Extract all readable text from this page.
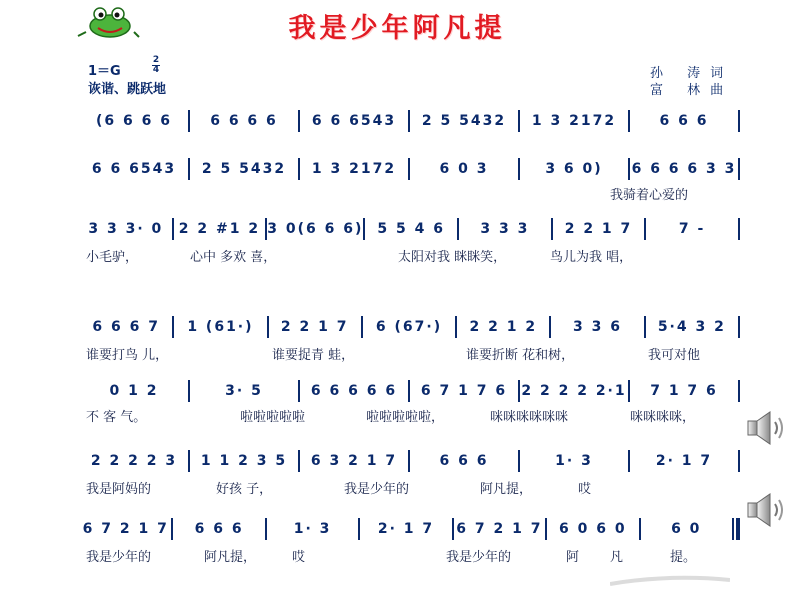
我是少年阿凡提
1＝G
2
4
诙谐、跳跃地
孙 涛词
富 林曲
(6 6 6 6	6 6 6 6	6 6 6543	2 5 5432	1 3 2172	6 6 6
6 6 6543	2 5 5432	1 3 2172	6 0 3	3 6 0)	6 6 6 6 3 3
我骑着心爱的
3 3 3· 0	2 2 #1 2 3 0(6 6 6)	5 5 4 6	3 3 3	2 2 1 7	7 -
小毛驴，	心中 多欢 喜，	太阳对我 眯眯笑，	鸟儿为我 唱，
6 6 6 7	1 (61·)	2 2 1 7	6 (67·)	2 2 1 2	3 3 6	5·4 3 2
谁要打鸟 儿，	谁要捉青 蛙，	谁要折断 花和树，	我可对他
0 1 2	3· 5	6 6 6 6 6	6 7 1 7 6	2 2 2 2 2·1	7 1 7 6
不 客 气。	啦啦啦啦啦	啦啦啦啦啦，	咪咪咪咪咪咪	咪咪咪咪，
2 2 2 2 3	1 1 2 3 5	6 3 2 1 7	6 6 6	1· 3	2· 1 7
我是阿妈的	好孩 子，	我是少年的	阿凡提，	哎
6 7 2 1 7	6 6 6	1· 3	2· 1 7	6 7 2 1 7	6 0 6 0	6 0
我是少年的	阿凡提，	哎	我是少年的	阿 凡	提。
